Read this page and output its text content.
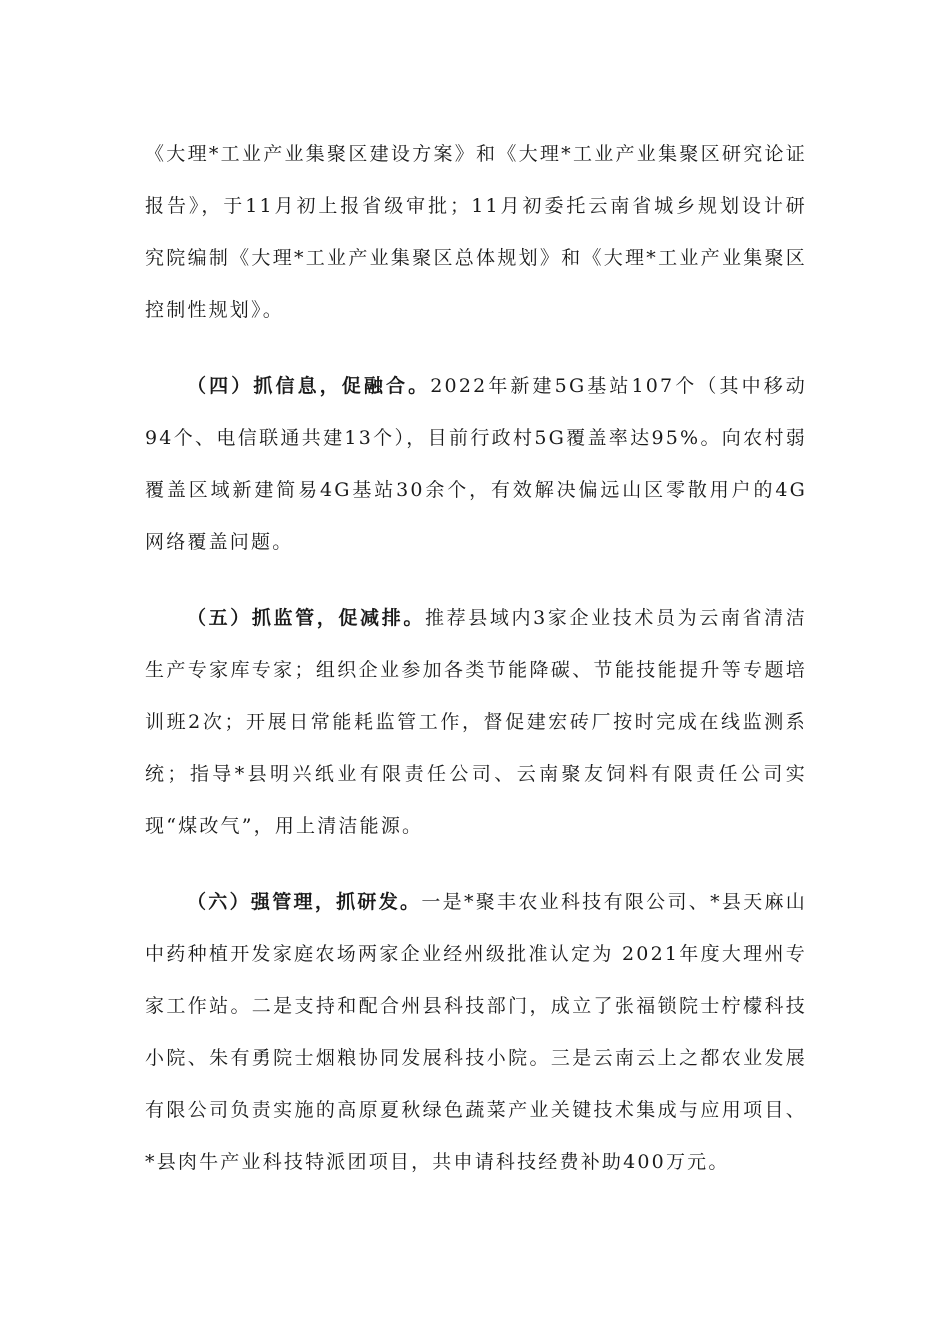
《大理*工业产业集聚区建设方案》和《大理*工业产业集聚区研究论证报告》，于11月初上报省级审批；11月初委托云南省城乡规划设计研究院编制《大理*工业产业集聚区总体规划》和《大理*工业产业集聚区控制性规划》。

（四）抓信息，促融合。2022年新建5G基站107个（其中移动94个、电信联通共建13个），目前行政村5G覆盖率达95%。向农村弱覆盖区域新建简易4G基站30余个，有效解决偏远山区零散用户的4G网络覆盖问题。

（五）抓监管，促减排。推荐县域内3家企业技术员为云南省清洁生产专家库专家；组织企业参加各类节能降碳、节能技能提升等专题培训班2次；开展日常能耗监管工作，督促建宏砖厂按时完成在线监测系统；指导*县明兴纸业有限责任公司、云南聚友饲料有限责任公司实现“煤改气”，用上清洁能源。

（六）强管理，抓研发。一是*聚丰农业科技有限公司、*县天麻山中药种植开发家庭农场两家企业经州级批准认定为 2021年度大理州专家工作站。二是支持和配合州县科技部门，成立了张福锁院士柠檬科技小院、朱有勇院士烟粮协同发展科技小院。三是云南云上之都农业发展有限公司负责实施的高原夏秋绿色蔬菜产业关键技术集成与应用项目、*县肉牛产业科技特派团项目，共申请科技经费补助400万元。
